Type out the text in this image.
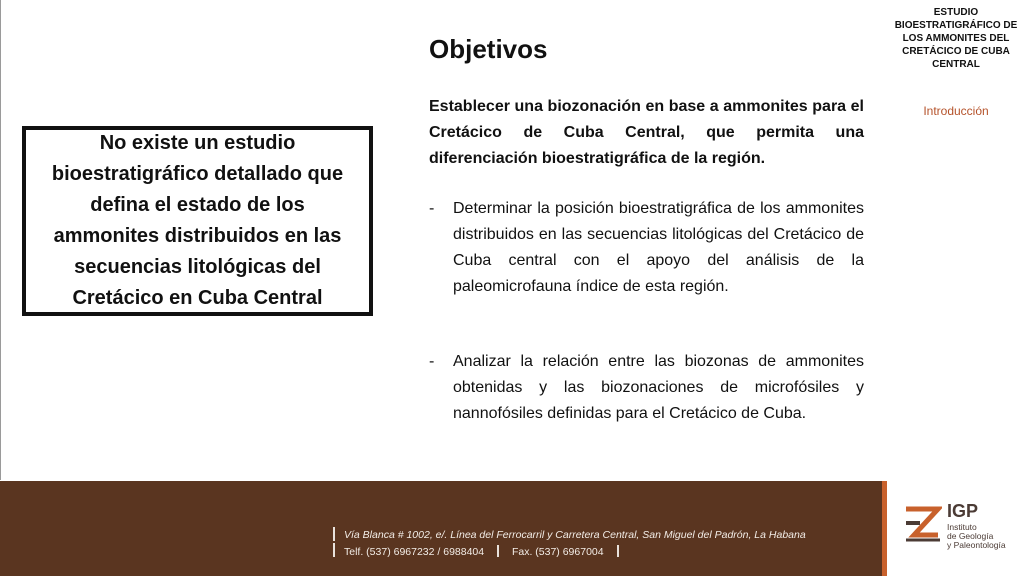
ESTUDIO BIOESTRATIGRÁFICO DE LOS AMMONITES DEL CRETÁCICO DE CUBA CENTRAL
Introducción
No existe un estudio bioestratigráfico detallado que defina el estado de los ammonites distribuidos en las secuencias litológicas del Cretácico en Cuba Central
Objetivos
Establecer una biozonación en base a ammonites para el Cretácico de Cuba Central, que permita una diferenciación bioestratigráfica de la región.
- Determinar la posición bioestratigráfica de los ammonites distribuidos en las secuencias litológicas del Cretácico de Cuba central con el apoyo del análisis de la paleomicrofauna índice de esta región.
- Analizar la relación entre las biozonas de ammonites obtenidas y las biozonaciones de microfósiles y nannofósiles definidas para el Cretácico de Cuba.
Vía Blanca # 1002, e/. Línea del Ferrocarril y Carretera Central, San Miguel del Padrón, La Habana
Telf. (537) 6967232 / 6988404	Fax. (537) 6967004
IGP
Instituto
de Geología
y Paleontología
